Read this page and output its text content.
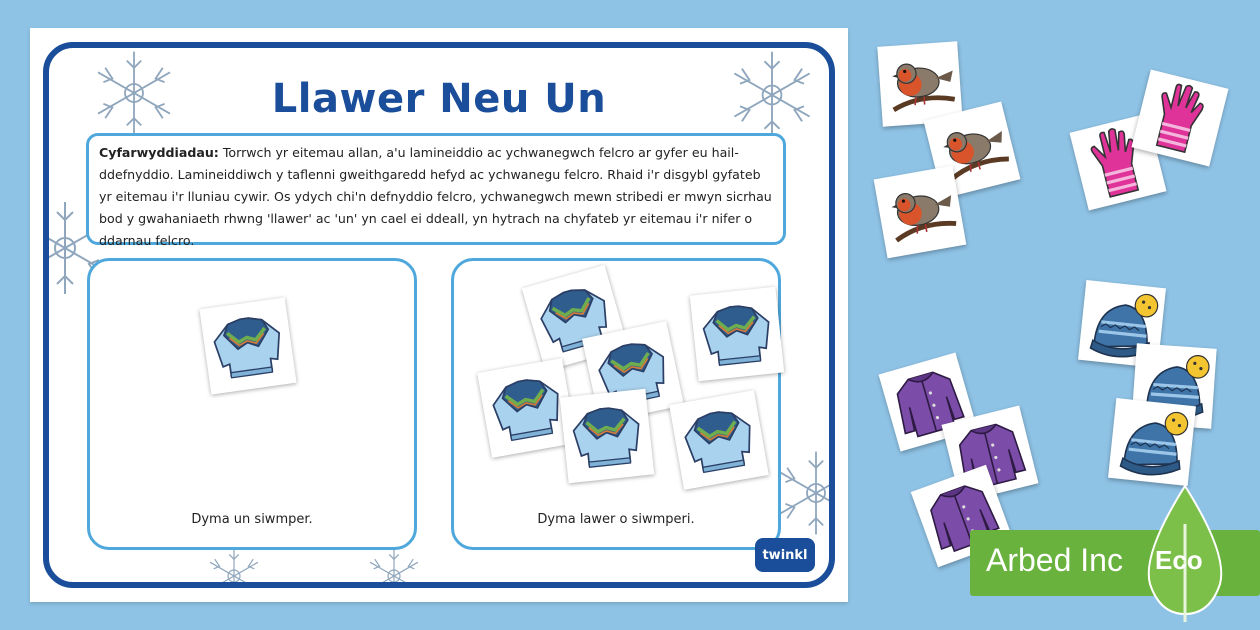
Llawer Neu Un
Cyfarwyddiadau: Torrwch yr eitemau allan, a'u lamineiddio ac ychwanegwch felcro ar gyfer eu hail-ddefnyddio. Lamineiddiwch y taflenni gweithgaredd hefyd ac ychwanegu felcro. Rhaid i'r disgybl gyfateb yr eitemau i'r lluniau cywir. Os ydych chi'n defnyddio felcro, ychwanegwch mewn stribedi er mwyn sicrhau bod y gwahaniaeth rhwng 'llawer' ac 'un' yn cael ei ddeall, yn hytrach na chyfateb yr eitemau i'r nifer o ddarnau felcro.
Dyma un siwmper.	Dyma lawer o siwmperi.
twinkl	Arbed Inc Eco
